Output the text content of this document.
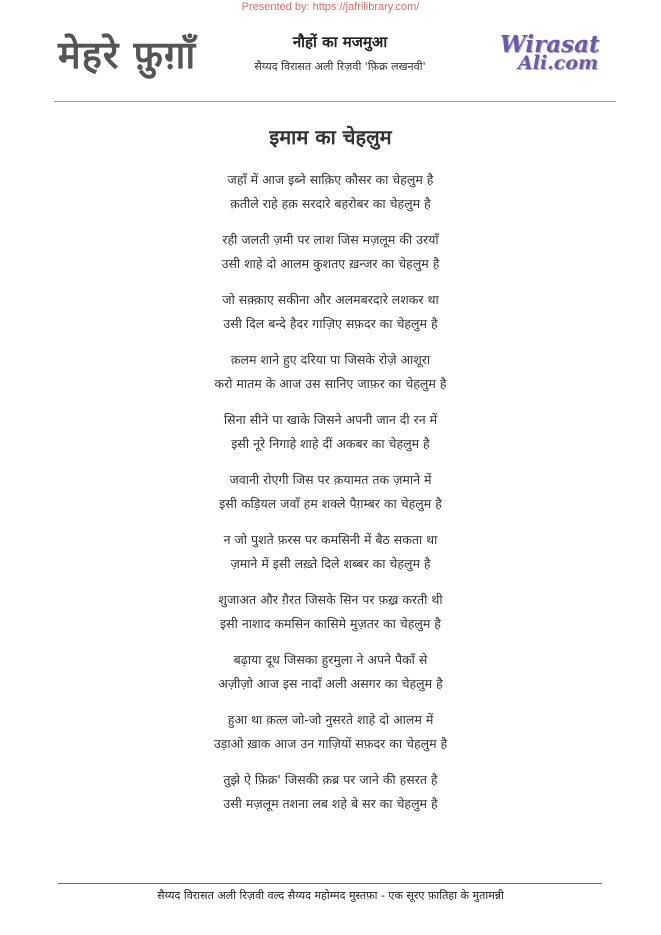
Presented by: https://jafrilibrary.com/
मेहरे फ़ुग़ाँ	नौहों का मजमुआ
सैय्यद विरासत अली रिज़वी 'फ़िक्र लखनवी'
Wirasat
Ali.com
इमाम का चेहलुम
जहाँ में आज इब्ने साक़िए कौसर का चेहलुम है
क़तीले राहे हक़ सरदारे बहरोबर का चेहलुम है
रही जलती ज़मी पर लाश जिस मज़लूम की उरयाँ
उसी शाहे दो आलम कुशतए ख़न्जर का चेहलुम है
जो सक़्क़ाए सकीना और अलमबरदारे लशकर था
उसी दिल बन्दे हैदर गाज़िए सफ़दर का चेहलुम है
क़लम शाने हुए दरिया पा जिसके रोज़े आशूरा
करो मातम के आज उस सानिए जाफ़र का चेहलुम है
सिना सीने पा खाके जिसने अपनी जान दी रन में
इसी नूरे निगाहे शाहे दीं अकबर का चेहलुम है
जवानी रोएगी जिस पर क़यामत तक ज़माने में
इसी कड़ियल जवाँ हम शक्ले पैग़म्बर का चेहलुम है
न जो पुशते फ़रस पर कमसिनी में बैठ सकता था
ज़माने में इसी लख़्ते दिले शब्बर का चेहलुम है
शुजाअत और ग़ैरत जिसके सिन पर फ़ख़्र करती थी
इसी नाशाद कमसिन कासिमे मुज़तर का चेहलुम है
बढ़ाया दूध जिसका हुरमुला ने अपने पैकाँ से
अज़ीज़ो आज इस नादाँ अली असगर का चेहलुम है
हुआ था क़त्ल जो-जो नुसरते शाहे दो आलम में
उड़ाओ ख़ाक आज उन गाज़ियों सफ़दर का चेहलुम है
तुझे ऐ फ़िक्र' जिसकी क़ब्र पर जाने की हसरत है
उसी मज़लूम तशना लब शहे बे सर का चेहलुम है
सैय्यद विरासत अली रिज़वी वल्द सैय्यद महोम्मद मुस्तफ़ा - एक सूरए फ़ातिहा के मुतामन्नी
